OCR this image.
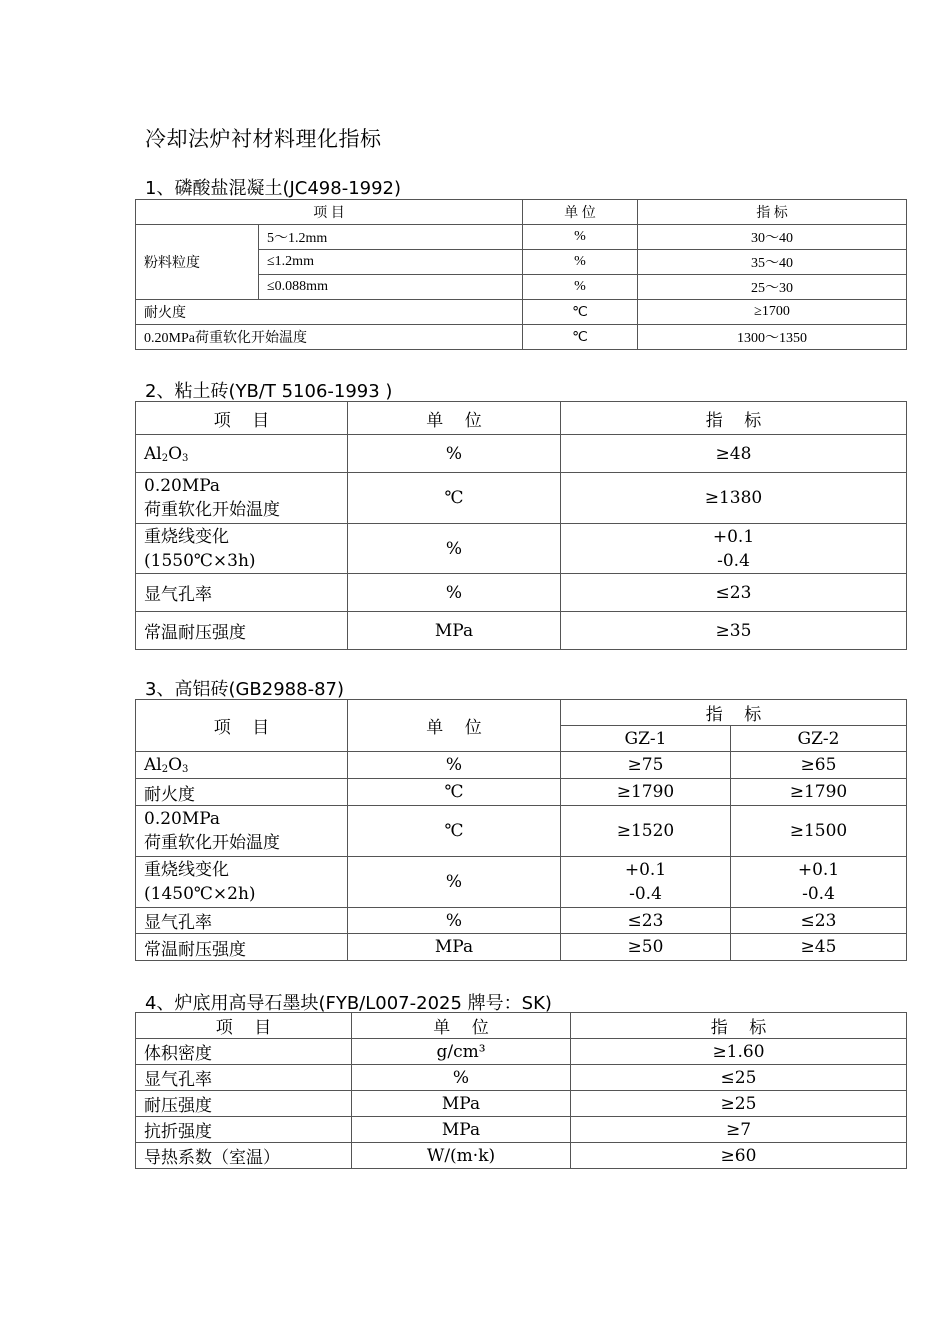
冷却法炉衬材料理化指标
1、磷酸盐混凝土(JC498-1992)
项 目		单 位	指 标
粉料粒度	5～1.2mm	%	30～40
	≤1.2mm	%	35～40
	≤0.088mm	%	25～30
耐火度		℃	≥1700
0.20MPa荷重软化开始温度		℃	1300～1350
2、粘土砖(YB/T 5106-1993 )
项    目	单    位	指    标
$Al_2O_3$	%	≥48

0.20MPa
荷重软化开始温度	℃	≥1380

重烧线变化
(1550℃×3h)	%	+0.1
-0.4

显气孔率	%	≤23
常温耐压强度	MPa	≥35
3、高铝砖(GB2988-87)
项    目	单    位	指    标	
		GZ-1	GZ-2
$Al_2O_3$	%	≥75	≥65
耐火度	℃	≥1790	≥1790

0.20MPa
荷重软化开始温度	℃	≥1520	≥1500

重烧线变化
(1450℃×2h)	%	+0.1
-0.4	+0.1
-0.4

显气孔率	%	≤23	≤23
常温耐压强度	MPa	≥50	≥45
4、炉底用高导石墨块(FYB/L007-2025 牌号：SK)
项    目	单    位	指    标
体积密度	g/cm³	≥1.60
显气孔率	%	≤25
耐压强度	MPa	≥25
抗折强度	MPa	≥7
导热系数（室温）	W/(m·k)	≥60
